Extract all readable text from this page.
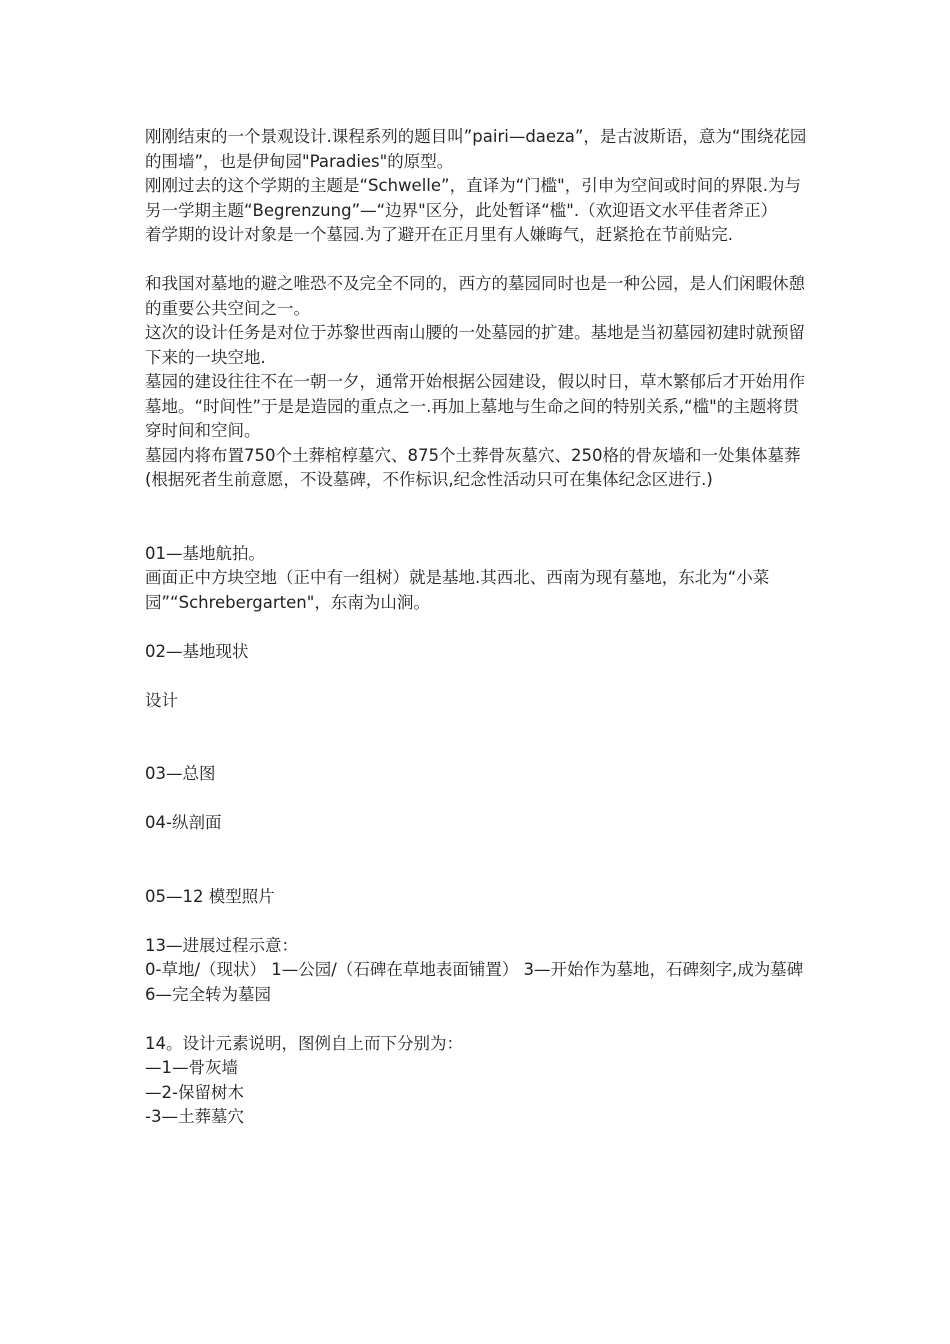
刚刚结束的一个景观设计.课程系列的题目叫”pairi—daeza”，是古波斯语，意为“围绕花园的围墙”，也是伊甸园"Paradies"的原型。

刚刚过去的这个学期的主题是“Schwelle”，直译为“门槛"，引申为空间或时间的界限.为与另一学期主题“Begrenzung”—“边界"区分，此处暂译“槛".（欢迎语文水平佳者斧正）

着学期的设计对象是一个墓园.为了避开在正月里有人嫌晦气，赶紧抢在节前贴完.

和我国对墓地的避之唯恐不及完全不同的，西方的墓园同时也是一种公园，是人们闲暇休憩的重要公共空间之一。

这次的设计任务是对位于苏黎世西南山腰的一处墓园的扩建。基地是当初墓园初建时就预留下来的一块空地.

墓园的建设往往不在一朝一夕，通常开始根据公园建设，假以时日，草木繁郁后才开始用作墓地。“时间性”于是是造园的重点之一.再加上墓地与生命之间的特别关系,“槛"的主题将贯穿时间和空间。

墓园内将布置750个土葬棺椁墓穴、875个土葬骨灰墓穴、250格的骨灰墙和一处集体墓葬(根据死者生前意愿，不设墓碑，不作标识,纪念性活动只可在集体纪念区进行.)

01—基地航拍。

画面正中方块空地（正中有一组树）就是基地.其西北、西南为现有墓地，东北为“小菜园”“Schrebergarten"，东南为山涧。

02—基地现状

设计

03—总图

04-纵剖面

05—12 模型照片

13—进展过程示意：

0-草地/（现状） 1—公园/（石碑在草地表面铺置） 3—开始作为墓地，石碑刻字,成为墓碑    6—完全转为墓园

14。设计元素说明，图例自上而下分别为：

—1—骨灰墙

—2-保留树木

-3—土葬墓穴
